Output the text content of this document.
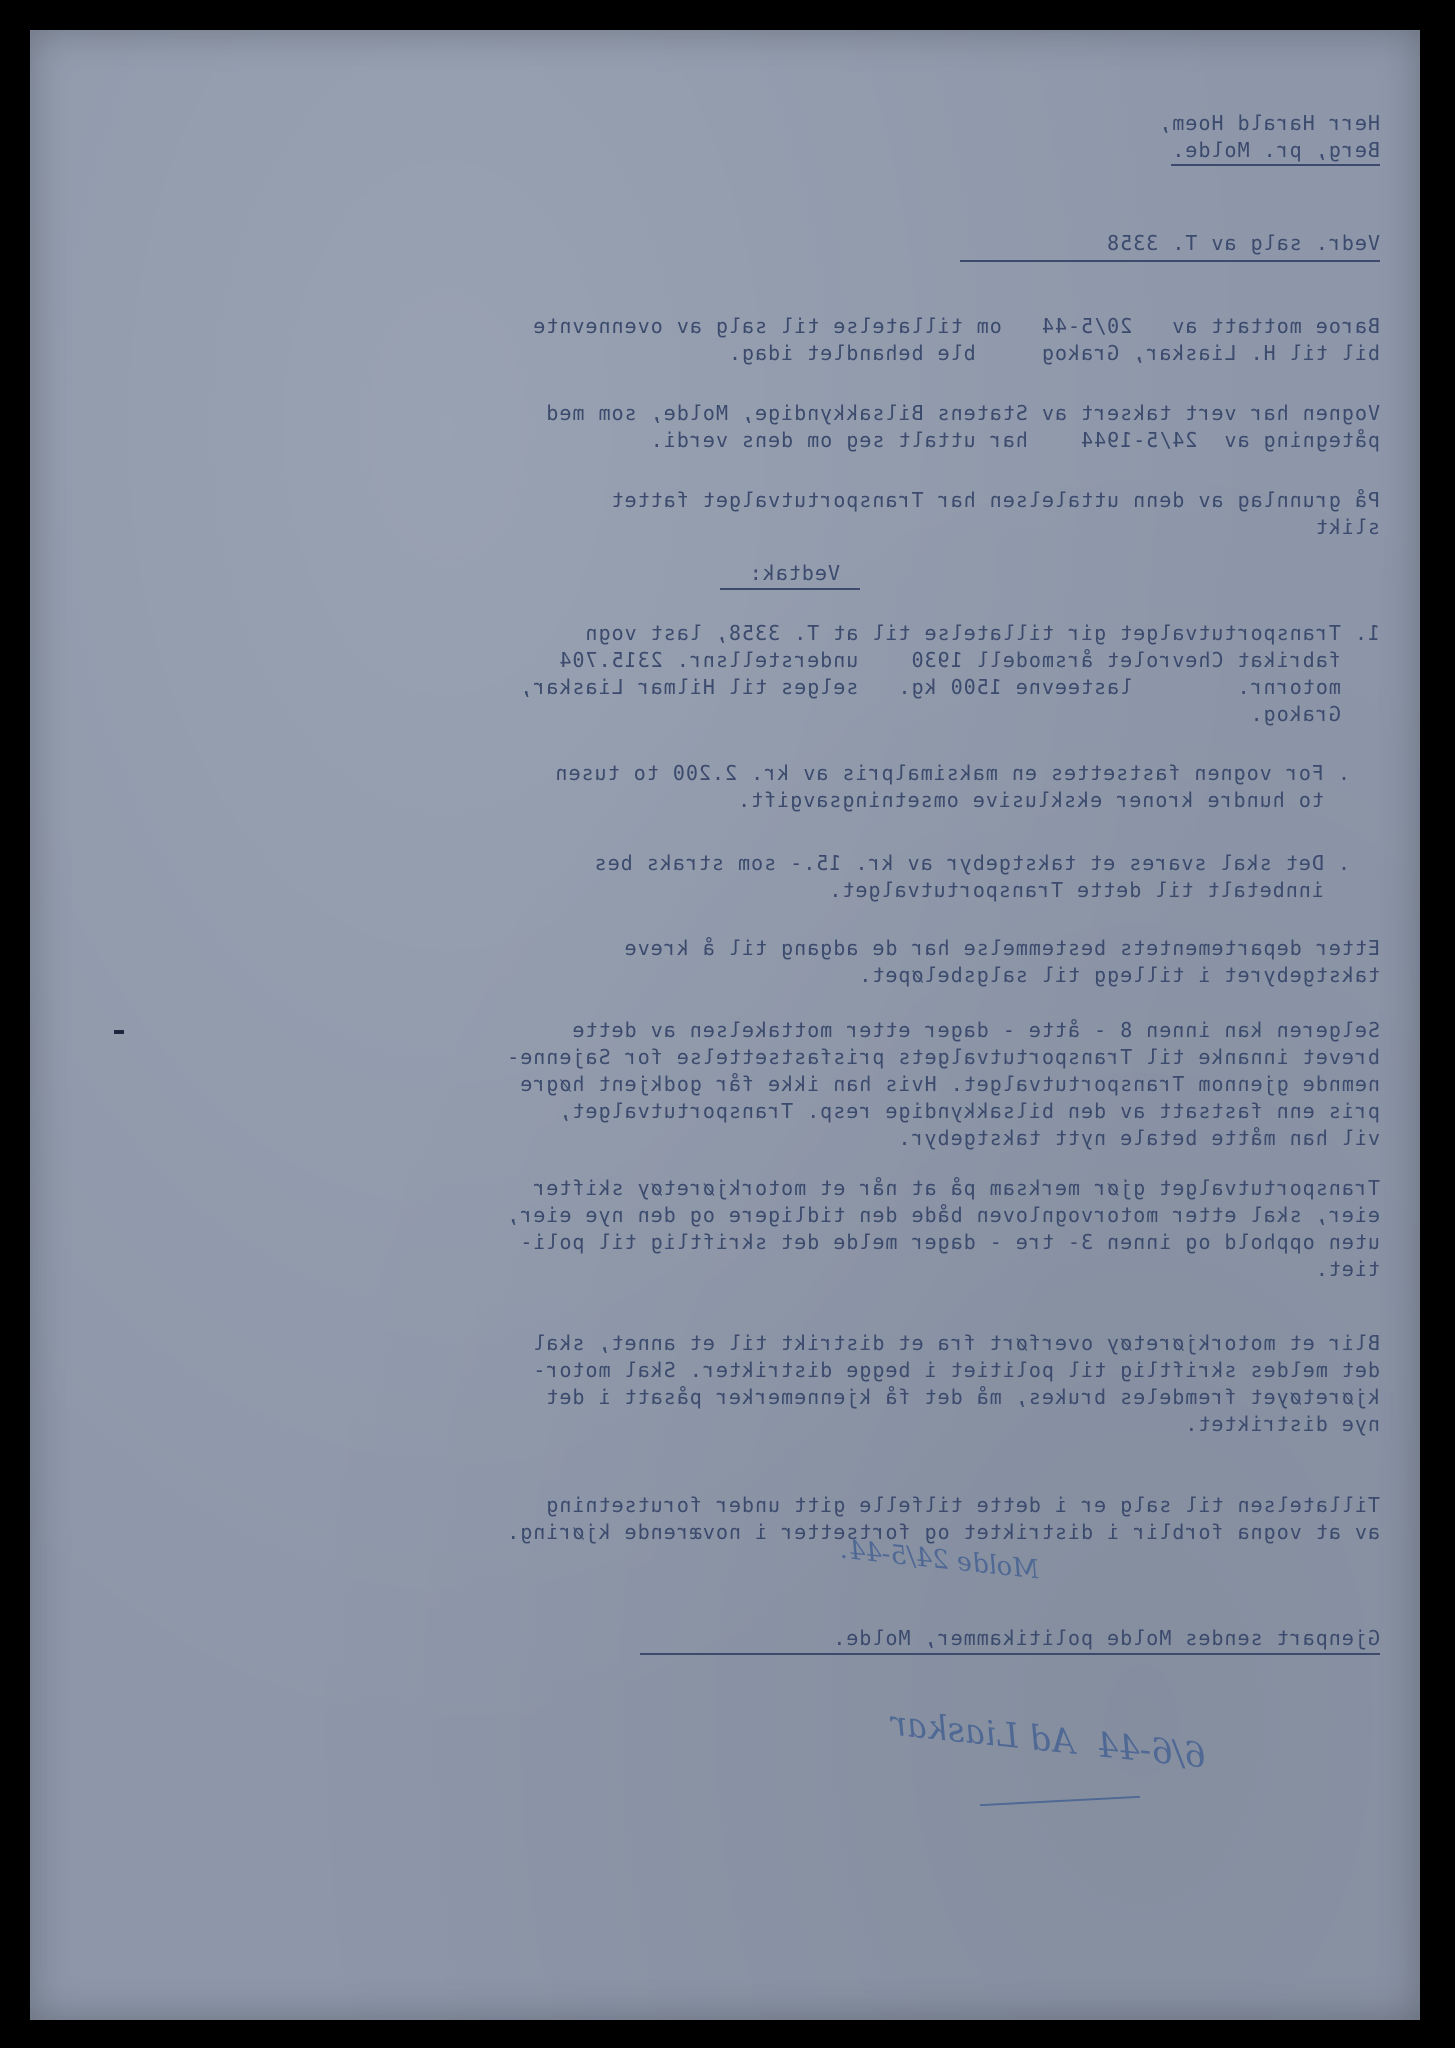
Herr Harald Hoem,
Berg, pr. Molde.
Vedr. salg av T. 3358
Baroe mottatt av   20/5-44   om tillatelse til salg av ovennevnte
bil til H. Liaskar, Grakog     ble behandlet idag.
Vognen har vert taksert av Statens Bilsakkyndige, Molde, som med
påtegning av  24/5-1944    har uttalt seg om dens verdi.
På grunnlag av denn uttalelsen har Transportutvalget fattet
slikt
Vedtak:
1. Transportutvalget gir tillatelse til at T. 3358, last vogn
fabrikat Chevrolet årsmodell 1930    understellsnr. 2315.704
motornr.        lasteevne 1500 kg.   selges til Hilmar Liaskar,
Grakog.
. For vognen fastsettes en maksimalpris av kr. 2.200 to tusen
to hundre kroner eksklusive omsetningsavgift.
. Det skal svares et takstgebyr av kr. 15.- som straks bes
innbetalt til dette Transportutvalget.
Etter departementets bestemmelse har de adgang til å kreve
takstgebyret i tillegg til salgsbeløpet.
Selgeren kan innen 8 - åtte - dager etter mottakelsen av dette
brevet innanke til Transportutvalgets prisfastsettelse for Sajenne-
nemnde gjennom Transportutvalget. Hvis han ikke får godkjent høgre
pris enn fastsatt av den bilsakkyndige resp. Transportutvalget,
vil han måtte betale nytt takstgebyr.
Transportutvalget gjør merksam på at når et motorkjøretøy skifter
eier, skal etter motorvognloven både den tidligere og den nye eier,
uten opphold og innen 3- tre - dager melde det skriftlig til poli-
tiet.
Blir et motorkjøretøy overført fra et distrikt til et annet, skal
det meldes skriftlig til politiet i begge distrikter. Skal motor-
kjøretøyet fremdeles brukes, må det få kjennemerker påsatt i det
nye distriktet.
Tillatelsen til salg er i dette tilfelle gitt under forutsetning
av at vogna forblir i distriktet og fortsetter i noværende kjøring.
Gjenpart sendes Molde politikammer, Molde.
Molde 24/5-44.
6/6-44  Ad Liaskar
